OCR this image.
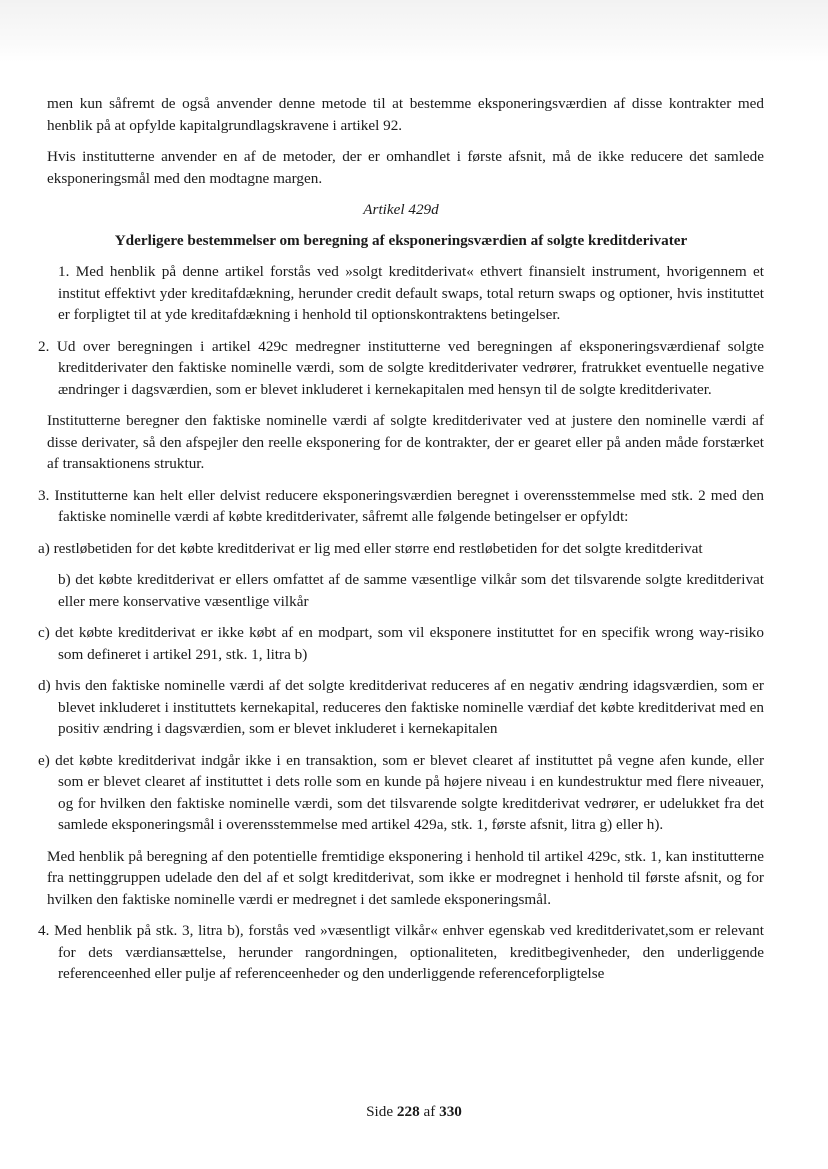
men kun såfremt de også anvender denne metode til at bestemme eksponeringsværdien af disse kontrakter med henblik på at opfylde kapitalgrundlagskravene i artikel 92.

Hvis institutterne anvender en af de metoder, der er omhandlet i første afsnit, må de ikke reducere det samlede eksponeringsmål med den modtagne margen.

Artikel 429d

Yderligere bestemmelser om beregning af eksponeringsværdien af solgte kreditderivater

1. Med henblik på denne artikel forstås ved »solgt kreditderivat« ethvert finansielt instrument, hvorigennem et institut effektivt yder kreditafdækning, herunder credit default swaps, total return swaps og optioner, hvis instituttet er forpligtet til at yde kreditafdækning i henhold til optionskontraktens betingelser.

2. Ud over beregningen i artikel 429c medregner institutterne ved beregningen af eksponeringsværdienaf solgte kreditderivater den faktiske nominelle værdi, som de solgte kreditderivater vedrører, fratrukket eventuelle negative ændringer i dagsværdien, som er blevet inkluderet i kernekapitalen med hensyn til de solgte kreditderivater.

Institutterne beregner den faktiske nominelle værdi af solgte kreditderivater ved at justere den nominelle værdi af disse derivater, så den afspejler den reelle eksponering for de kontrakter, der er gearet eller på anden måde forstærket af transaktionens struktur.

3. Institutterne kan helt eller delvist reducere eksponeringsværdien beregnet i overensstemmelse med stk. 2 med den faktiske nominelle værdi af købte kreditderivater, såfremt alle følgende betingelser er opfyldt:

a) restløbetiden for det købte kreditderivat er lig med eller større end restløbetiden for det solgte kreditderivat

b) det købte kreditderivat er ellers omfattet af de samme væsentlige vilkår som det tilsvarende solgte kreditderivat eller mere konservative væsentlige vilkår

c) det købte kreditderivat er ikke købt af en modpart, som vil eksponere instituttet for en specifik wrong way-risiko som defineret i artikel 291, stk. 1, litra b)

d) hvis den faktiske nominelle værdi af det solgte kreditderivat reduceres af en negativ ændring idagsværdien, som er blevet inkluderet i instituttets kernekapital, reduceres den faktiske nominelle værdiaf det købte kreditderivat med en positiv ændring i dagsværdien, som er blevet inkluderet i kernekapitalen

e) det købte kreditderivat indgår ikke i en transaktion, som er blevet clearet af instituttet på vegne afen kunde, eller som er blevet clearet af instituttet i dets rolle som en kunde på højere niveau i en kundestruktur med flere niveauer, og for hvilken den faktiske nominelle værdi, som det tilsvarende solgte kreditderivat vedrører, er udelukket fra det samlede eksponeringsmål i overensstemmelse med artikel 429a, stk. 1, første afsnit, litra g) eller h).

Med henblik på beregning af den potentielle fremtidige eksponering i henhold til artikel 429c, stk. 1, kan institutterne fra nettinggruppen udelade den del af et solgt kreditderivat, som ikke er modregnet i henhold til første afsnit, og for hvilken den faktiske nominelle værdi er medregnet i det samlede eksponeringsmål.

4. Med henblik på stk. 3, litra b), forstås ved »væsentligt vilkår« enhver egenskab ved kreditderivatet,som er relevant for dets værdiansættelse, herunder rangordningen, optionaliteten, kreditbegivenheder, den underliggende referenceenhed eller pulje af referenceenheder og den underliggende referenceforpligtelse

Side 228 af 330
